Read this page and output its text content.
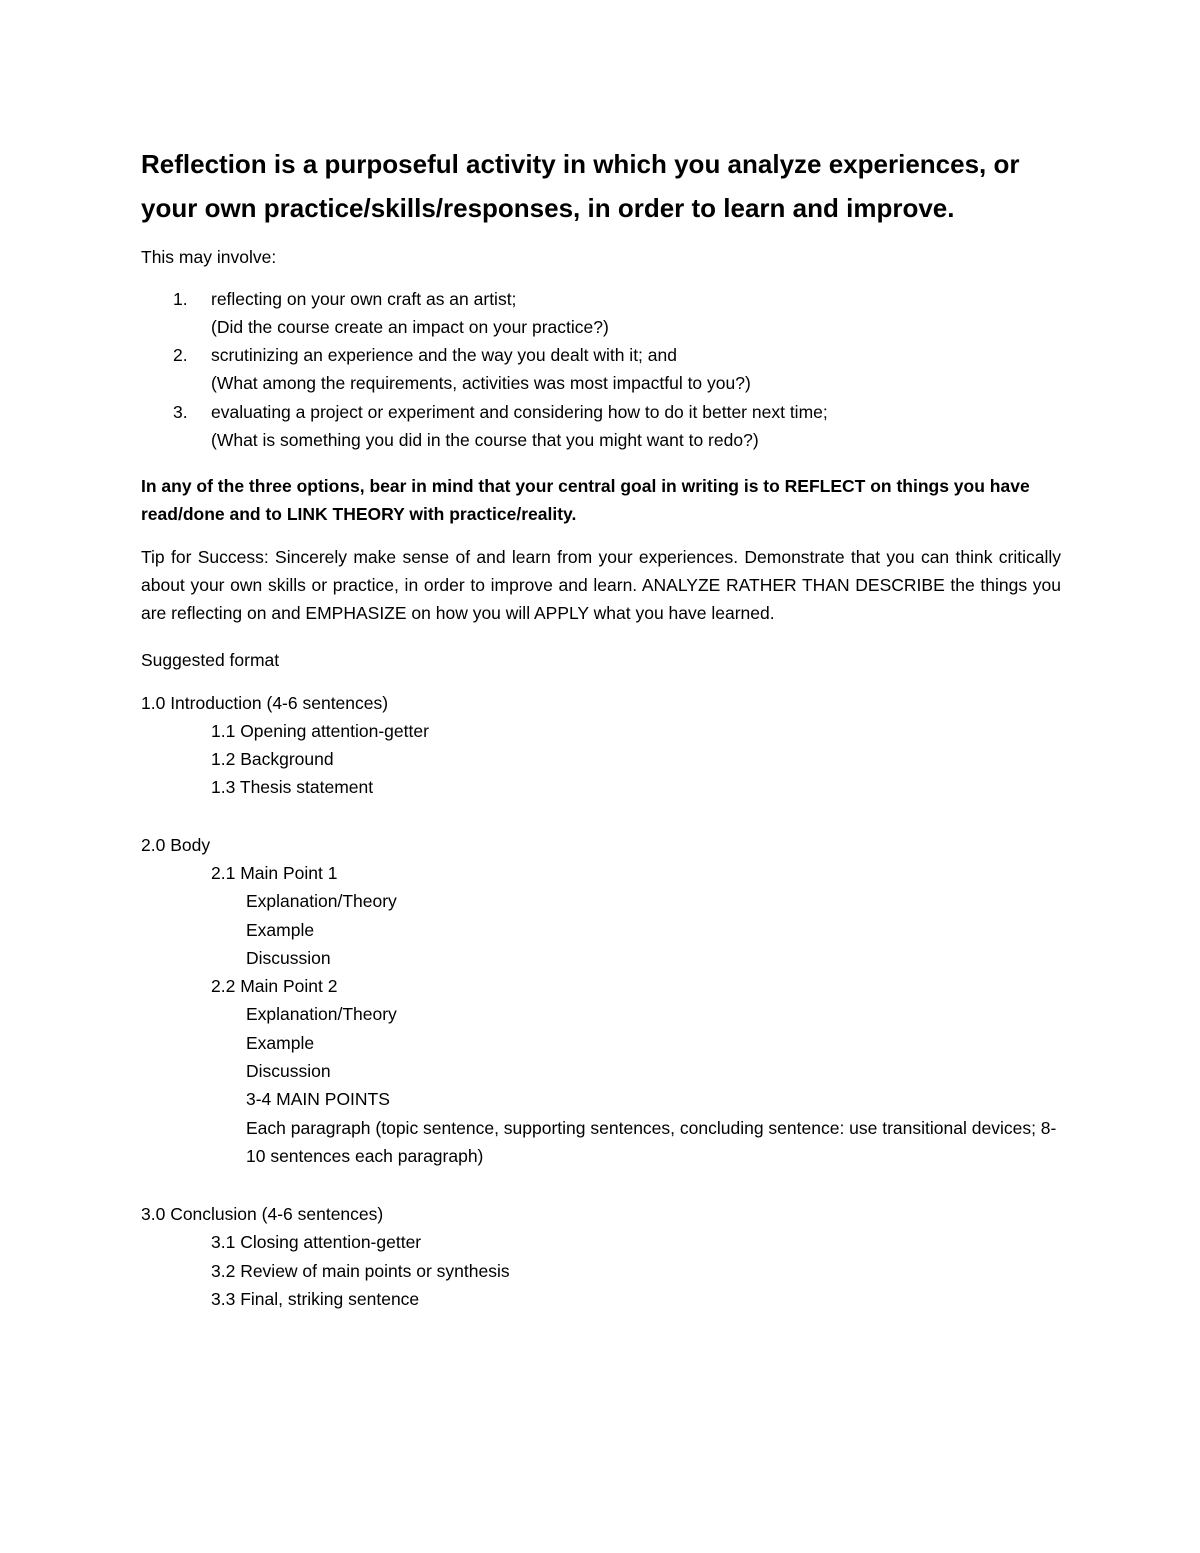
Reflection is a purposeful activity in which you analyze experiences, or your own practice/skills/responses, in order to learn and improve.
This may involve:
1. reflecting on your own craft as an artist;
(Did the course create an impact on your practice?)
2. scrutinizing an experience and the way you dealt with it; and
(What among the requirements, activities was most impactful to you?)
3. evaluating a project or experiment and considering how to do it better next time;
(What is something you did in the course that you might want to redo?)
In any of the three options, bear in mind that your central goal in writing is to REFLECT on things you have read/done and to LINK THEORY with practice/reality.
Tip for Success: Sincerely make sense of and learn from your experiences. Demonstrate that you can think critically about your own skills or practice, in order to improve and learn. ANALYZE RATHER THAN DESCRIBE the things you are reflecting on and EMPHASIZE on how you will APPLY what you have learned.
Suggested format
1.0 Introduction (4-6 sentences)
1.1 Opening attention-getter
1.2 Background
1.3 Thesis statement
2.0 Body
2.1 Main Point 1
Explanation/Theory
Example
Discussion
2.2 Main Point 2
Explanation/Theory
Example
Discussion
3-4 MAIN POINTS
Each paragraph (topic sentence, supporting sentences, concluding sentence: use transitional devices; 8-10 sentences each paragraph)
3.0 Conclusion (4-6 sentences)
3.1 Closing attention-getter
3.2 Review of main points or synthesis
3.3 Final, striking sentence
